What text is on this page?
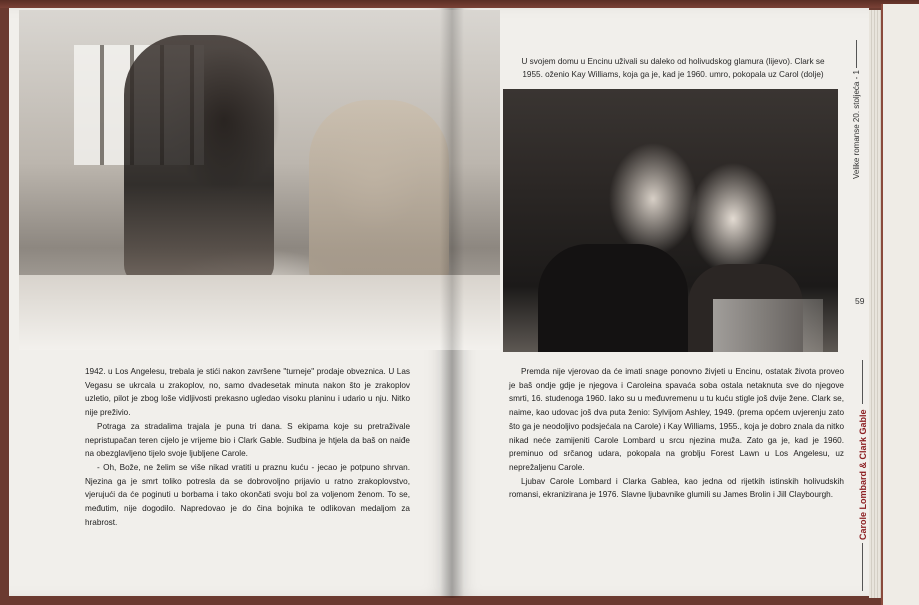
U svojem domu u Encinu uživali su daleko od holivudskog glamura (lijevo). Clark se 1955. oženio Kay Williams, koja ga je, kad je 1960. umro, pokopala uz Carol (dolje)

1942. u Los Angelesu, trebala je stići nakon završene "turneje" prodaje obveznica. U Las Vegasu se ukrcala u zrakoplov, no, samo dvadesetak minuta nakon što je zrakoplov uzletio, pilot je zbog loše vidljivosti prekasno ugledao visoku planinu i udario u nju. Nitko nije preživio.

Potraga za stradalima trajala je puna tri dana. S ekipama koje su pretraživale nepristupačan teren cijelo je vrijeme bio i Clark Gable. Sudbina je htjela da baš on naiđe na obezglavljeno tijelo svoje ljubljene Carole.

- Oh, Bože, ne želim se više nikad vratiti u praznu kuću - jecao je potpuno shrvan. Njezina ga je smrt toliko potresla da se dobrovoljno prijavio u ratno zrakoplovstvo, vjerujući da će poginuti u borbama i tako okončati svoju bol za voljenom ženom. To se, međutim, nije dogodilo. Napredovao je do čina bojnika te odlikovan medaljom za hrabrost.

Premda nije vjerovao da će imati snage ponovno živjeti u Encinu, ostatak života proveo je baš ondje gdje je njegova i Caroleina spavaća soba ostala netaknuta sve do njegove smrti, 16. studenoga 1960. Iako su u međuvremenu u tu kuću stigle još dvije žene. Clark se, naime, kao udovac još dva puta ženio: Sylvijom Ashley, 1949. (prema općem uvjerenju zato što ga je neodoljivo podsjećala na Carole) i Kay Williams, 1955., koja je dobro znala da nitko nikad neće zamijeniti Carole Lombard u srcu njezina muža. Zato ga je, kad je 1960. preminuo od srčanog udara, pokopala na groblju Forest Lawn u Los Angelesu, uz neprežaljenu Carole.

Ljubav Carole Lombard i Clarka Gablea, kao jedna od rijetkih istinskih holivudskih romansi, ekranizirana je 1976. Slavne ljubavnike glumili su James Brolin i Jill Claybourgh.

Velike romanse 20. stoljeća - 1
59
Carole Lombard & Clark Gable
